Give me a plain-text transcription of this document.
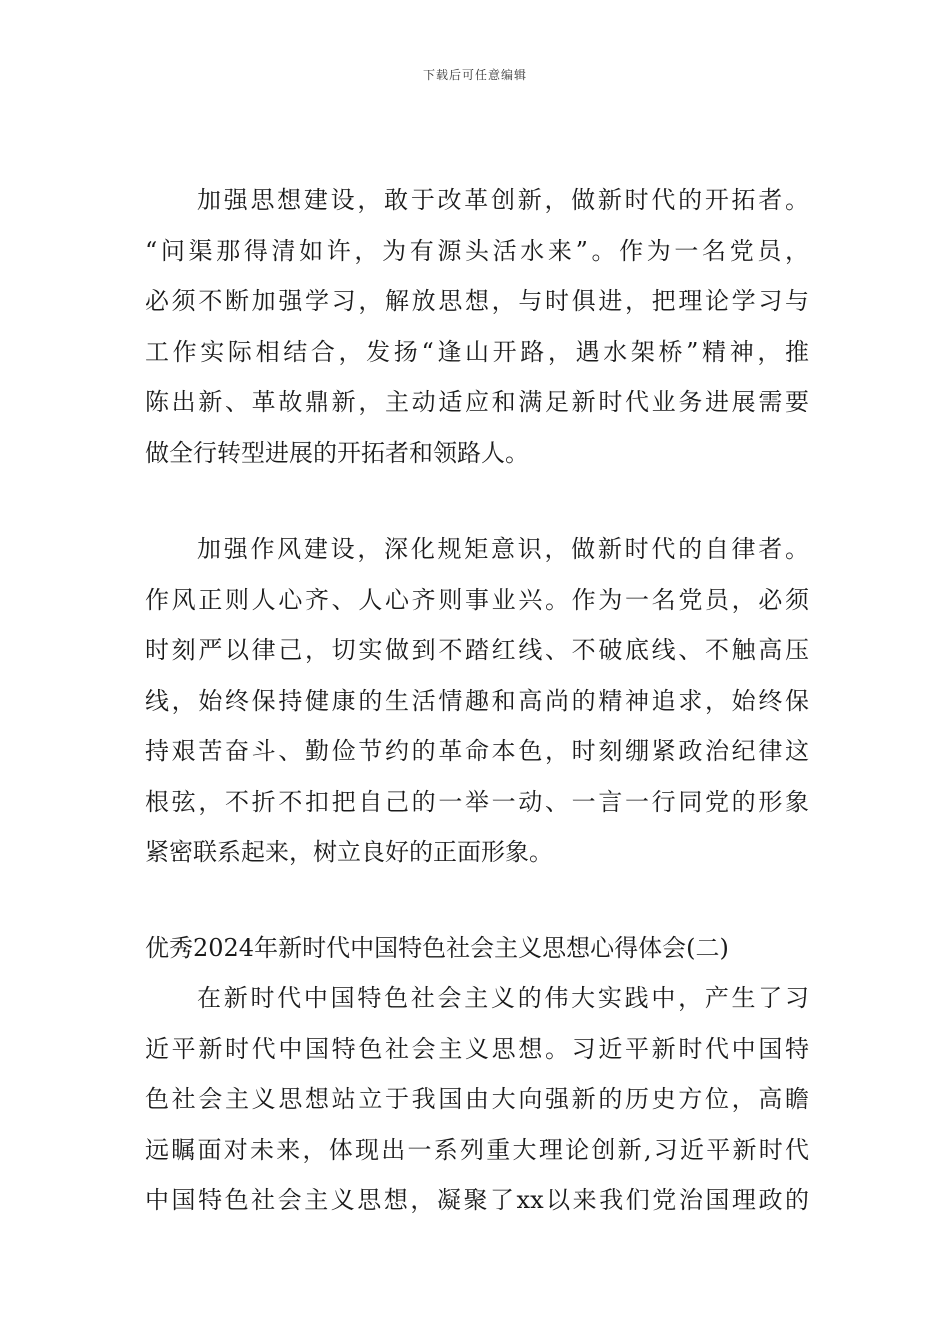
下载后可任意编辑
加强思想建设，敢于改革创新，做新时代的开拓者。
“问渠那得清如许，为有源头活水来”。作为一名党员，
必须不断加强学习，解放思想，与时俱进，把理论学习与
工作实际相结合，发扬“逢山开路，遇水架桥”精神，推
陈出新、革故鼎新，主动适应和满足新时代业务进展需要
做全行转型进展的开拓者和领路人。
加强作风建设，深化规矩意识，做新时代的自律者。
作风正则人心齐、人心齐则事业兴。作为一名党员，必须
时刻严以律己，切实做到不踏红线、不破底线、不触高压
线，始终保持健康的生活情趣和高尚的精神追求，始终保
持艰苦奋斗、勤俭节约的革命本色，时刻绷紧政治纪律这
根弦，不折不扣把自己的一举一动、一言一行同党的形象
紧密联系起来，树立良好的正面形象。
优秀2024年新时代中国特色社会主义思想心得体会(二)
在新时代中国特色社会主义的伟大实践中，产生了习
近平新时代中国特色社会主义思想。习近平新时代中国特
色社会主义思想站立于我国由大向强新的历史方位，高瞻
远瞩面对未来，体现出一系列重大理论创新,习近平新时代
中国特色社会主义思想，凝聚了xx以来我们党治国理政的
